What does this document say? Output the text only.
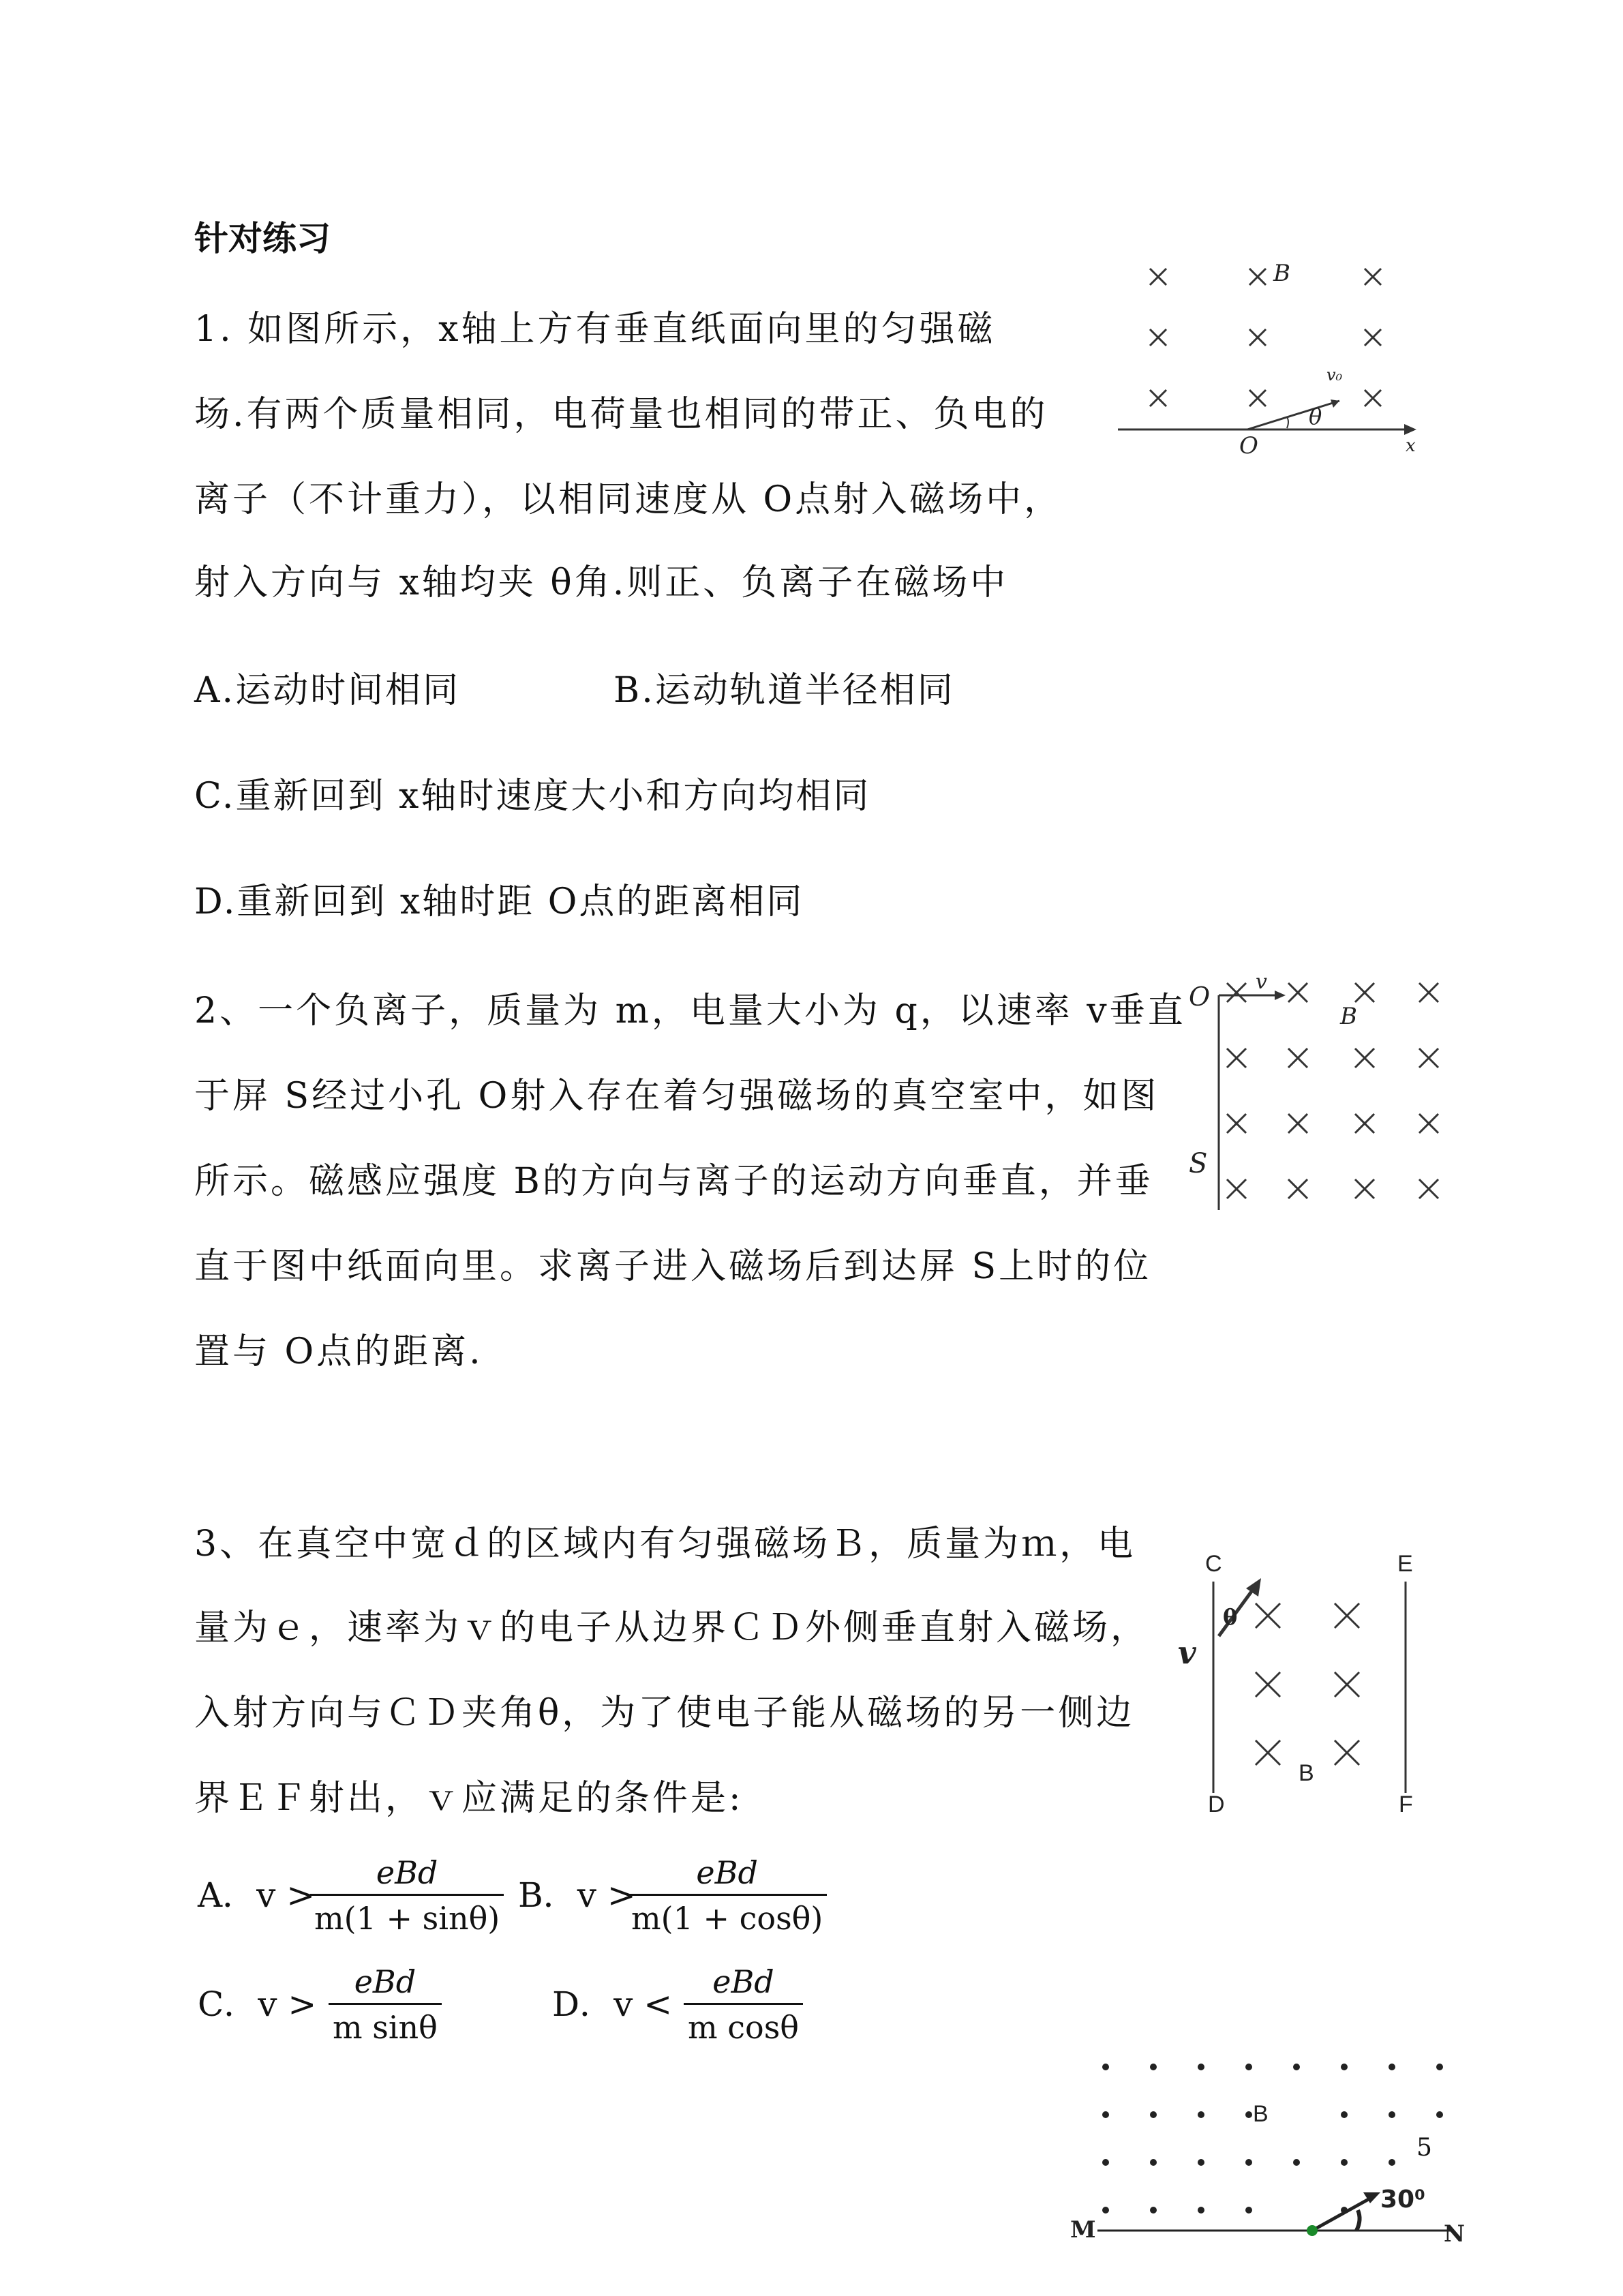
针对练习
1. 如图所示，x轴上方有垂直纸面向里的匀强磁
场.有两个质量相同，电荷量也相同的带正、负电的
离子（不计重力），以相同速度从 O点射入磁场中，
射入方向与 x轴均夹 θ角.则正、负离子在磁场中
A.运动时间相同	B.运动轨道半径相同
C.重新回到 x轴时速度大小和方向均相同
D.重新回到 x轴时距 O点的距离相同
B
v₀
θ
O	x
2、一个负离子，质量为 m，电量大小为 q，以速率 v垂直
于屏 S经过小孔 O射入存在着匀强磁场的真空室中，如图
所示。磁感应强度 B的方向与离子的运动方向垂直，并垂
直于图中纸面向里。求离子进入磁场后到达屏 S上时的位
置与 O点的距离.
O v
B
S
3、在真空中宽ｄ的区域内有匀强磁场Ｂ，质量为ｍ，电
量为ｅ，速率为ｖ的电子从边界ＣＤ外侧垂直射入磁场，
入射方向与ＣＤ夹角θ，为了使电子能从磁场的另一侧边
界ＥＦ射出，ｖ应满足的条件是:
A．v >
eBd
m(1 + sinθ)
B．v >
eBd
m(1 + cosθ)
C．v >
eBd
m sinθ
D．v <
eBd
m cosθ
C	E
D	F
v
θ
B
B
M	N
30⁰
5
